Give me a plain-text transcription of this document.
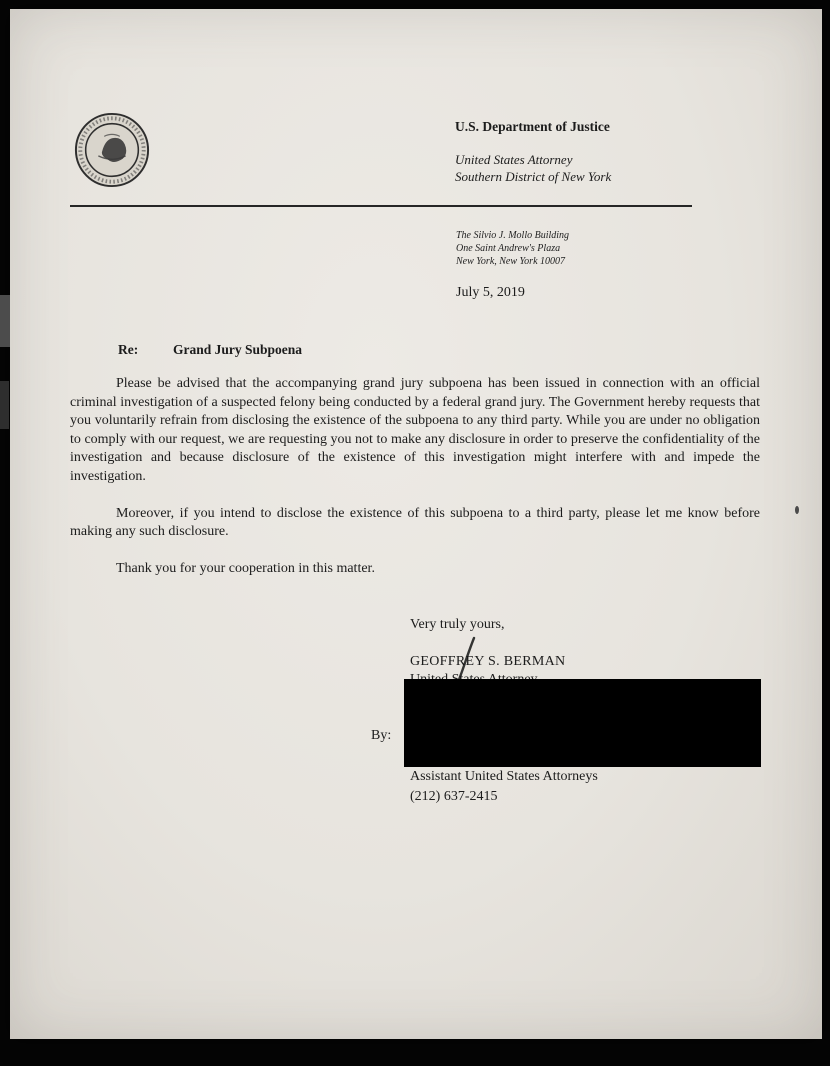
U.S. Department of Justice
United States Attorney
Southern District of New York
The Silvio J. Mollo Building
One Saint Andrew's Plaza
New York, New York 10007
July 5, 2019
Re:	Grand Jury Subpoena

Please be advised that the accompanying grand jury subpoena has been issued in connection with an official criminal investigation of a suspected felony being conducted by a federal grand jury. The Government hereby requests that you voluntarily refrain from disclosing the existence of the subpoena to any third party. While you are under no obligation to comply with our request, we are requesting you not to make any disclosure in order to preserve the confidentiality of the investigation and because disclosure of the existence of this investigation might interfere with and impede the investigation.

Moreover, if you intend to disclose the existence of this subpoena to a third party, please let me know before making any such disclosure.

Thank you for your cooperation in this matter.

Very truly yours,
GEOFFREY S. BERMAN
By:
Assistant United States Attorneys
(212) 637-2415
